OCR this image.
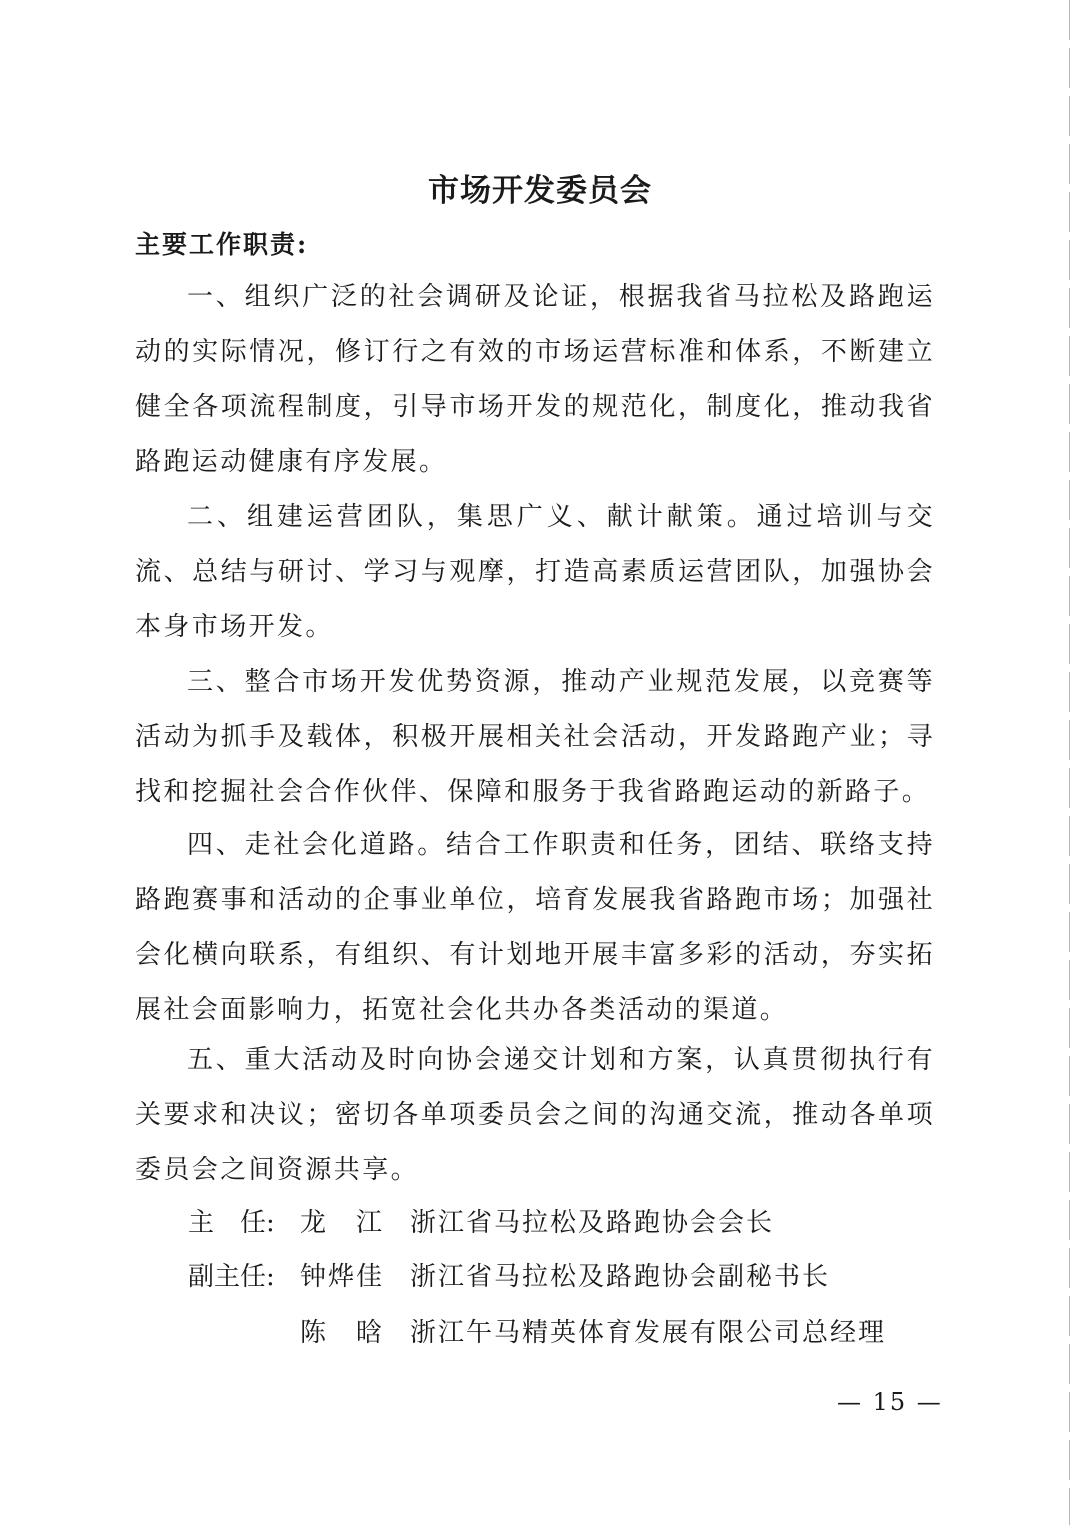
市场开发委员会
主要工作职责:

一、组织广泛的社会调研及论证，根据我省马拉松及路跑运动的实际情况，修订行之有效的市场运营标准和体系，不断建立健全各项流程制度，引导市场开发的规范化，制度化，推动我省路跑运动健康有序发展。

二、组建运营团队，集思广义、献计献策。通过培训与交流、总结与研讨、学习与观摩，打造高素质运营团队，加强协会本身市场开发。

三、整合市场开发优势资源，推动产业规范发展，以竞赛等活动为抓手及载体，积极开展相关社会活动，开发路跑产业；寻找和挖掘社会合作伙伴、保障和服务于我省路跑运动的新路子。

四、走社会化道路。结合工作职责和任务，团结、联络支持路跑赛事和活动的企事业单位，培育发展我省路跑市场；加强社会化横向联系，有组织、有计划地开展丰富多彩的活动，夯实拓展社会面影响力，拓宽社会化共办各类活动的渠道。

五、重大活动及时向协会递交计划和方案，认真贯彻执行有关要求和决议；密切各单项委员会之间的沟通交流，推动各单项委员会之间资源共享。

主　任: 龙　江 浙江省马拉松及路跑协会会长
副主任: 钟烨佳 浙江省马拉松及路跑协会副秘书长
陈　晗 浙江午马精英体育发展有限公司总经理
— 15 —
